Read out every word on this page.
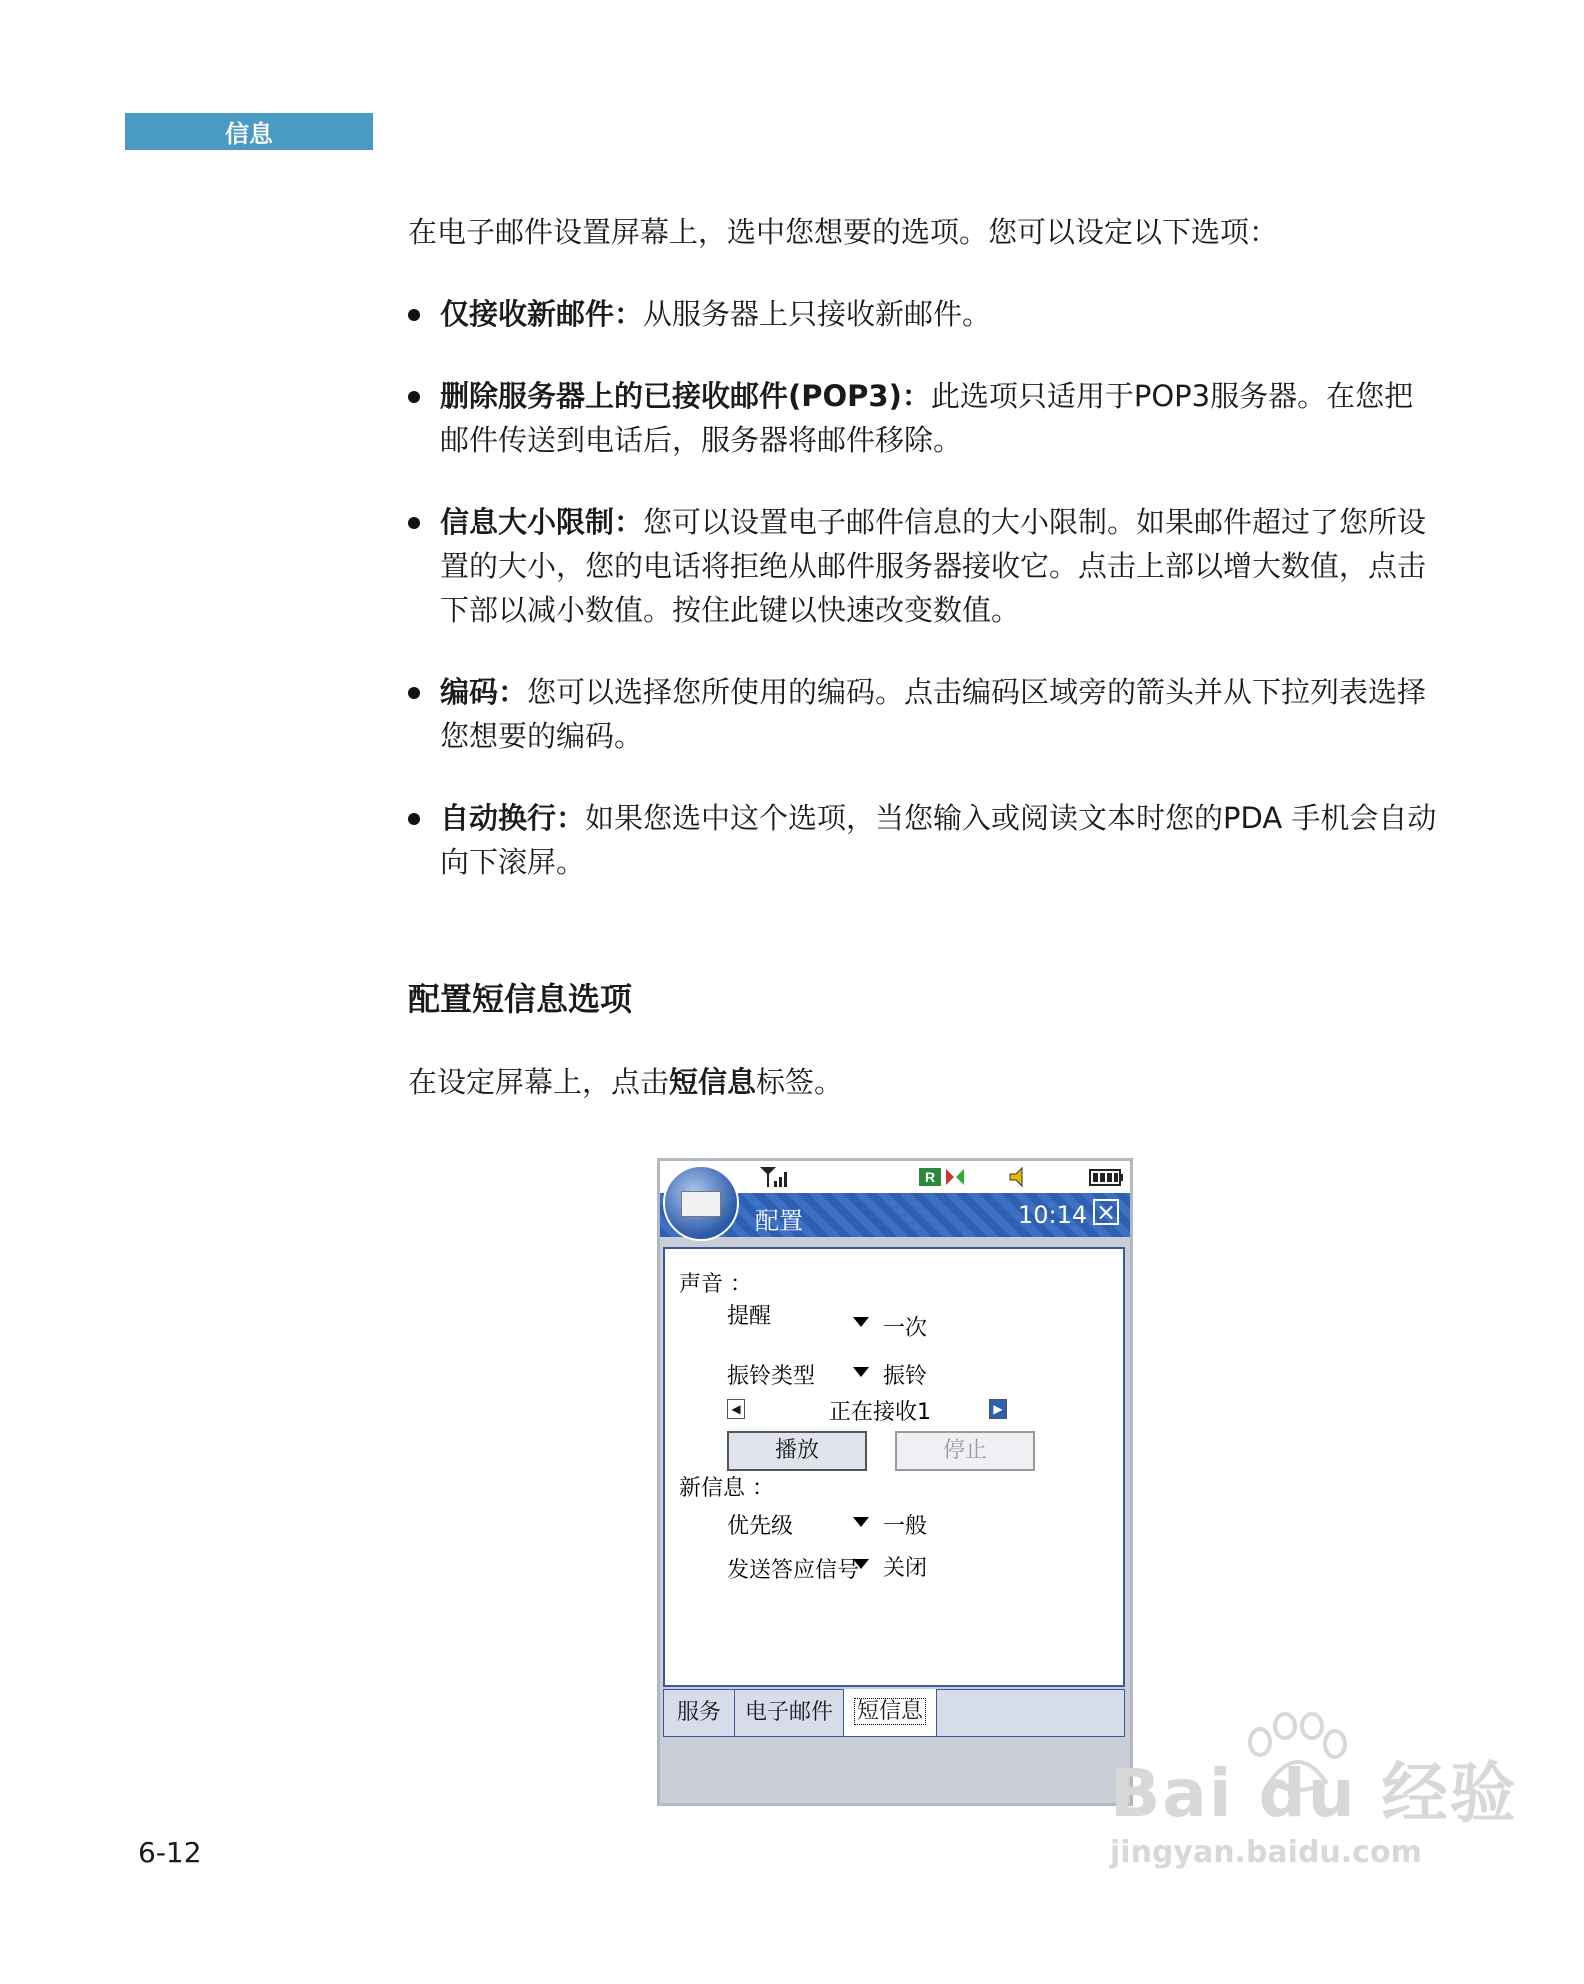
信息

在电子邮件设置屏幕上，选中您想要的选项。您可以设定以下选项：

仅接收新邮件：从服务器上只接收新邮件。
删除服务器上的已接收邮件(POP3)：此选项只适用于POP3服务器。在您把邮件传送到电话后，服务器将邮件移除。
信息大小限制：您可以设置电子邮件信息的大小限制。如果邮件超过了您所设置的大小，您的电话将拒绝从邮件服务器接收它。点击上部以增大数值，点击下部以减小数值。按住此键以快速改变数值。
编码：您可以选择您所使用的编码。点击编码区域旁的箭头并从下拉列表选择您想要的编码。
自动换行：如果您选中这个选项，当您输入或阅读文本时您的PDA 手机会自动向下滚屏。
配置短信息选项

在设定屏幕上，点击短信息标签。

R
配置	10:14 ×
声音 ：
提醒	一次
振铃类型	振铃
◀	正在接收1	▶
播放	停止
新信息 ：
优先级	一般
发送答应信号 关闭
服务	电子邮件	短信息
6-12
Bai du 经验
jingyan.baidu.com
